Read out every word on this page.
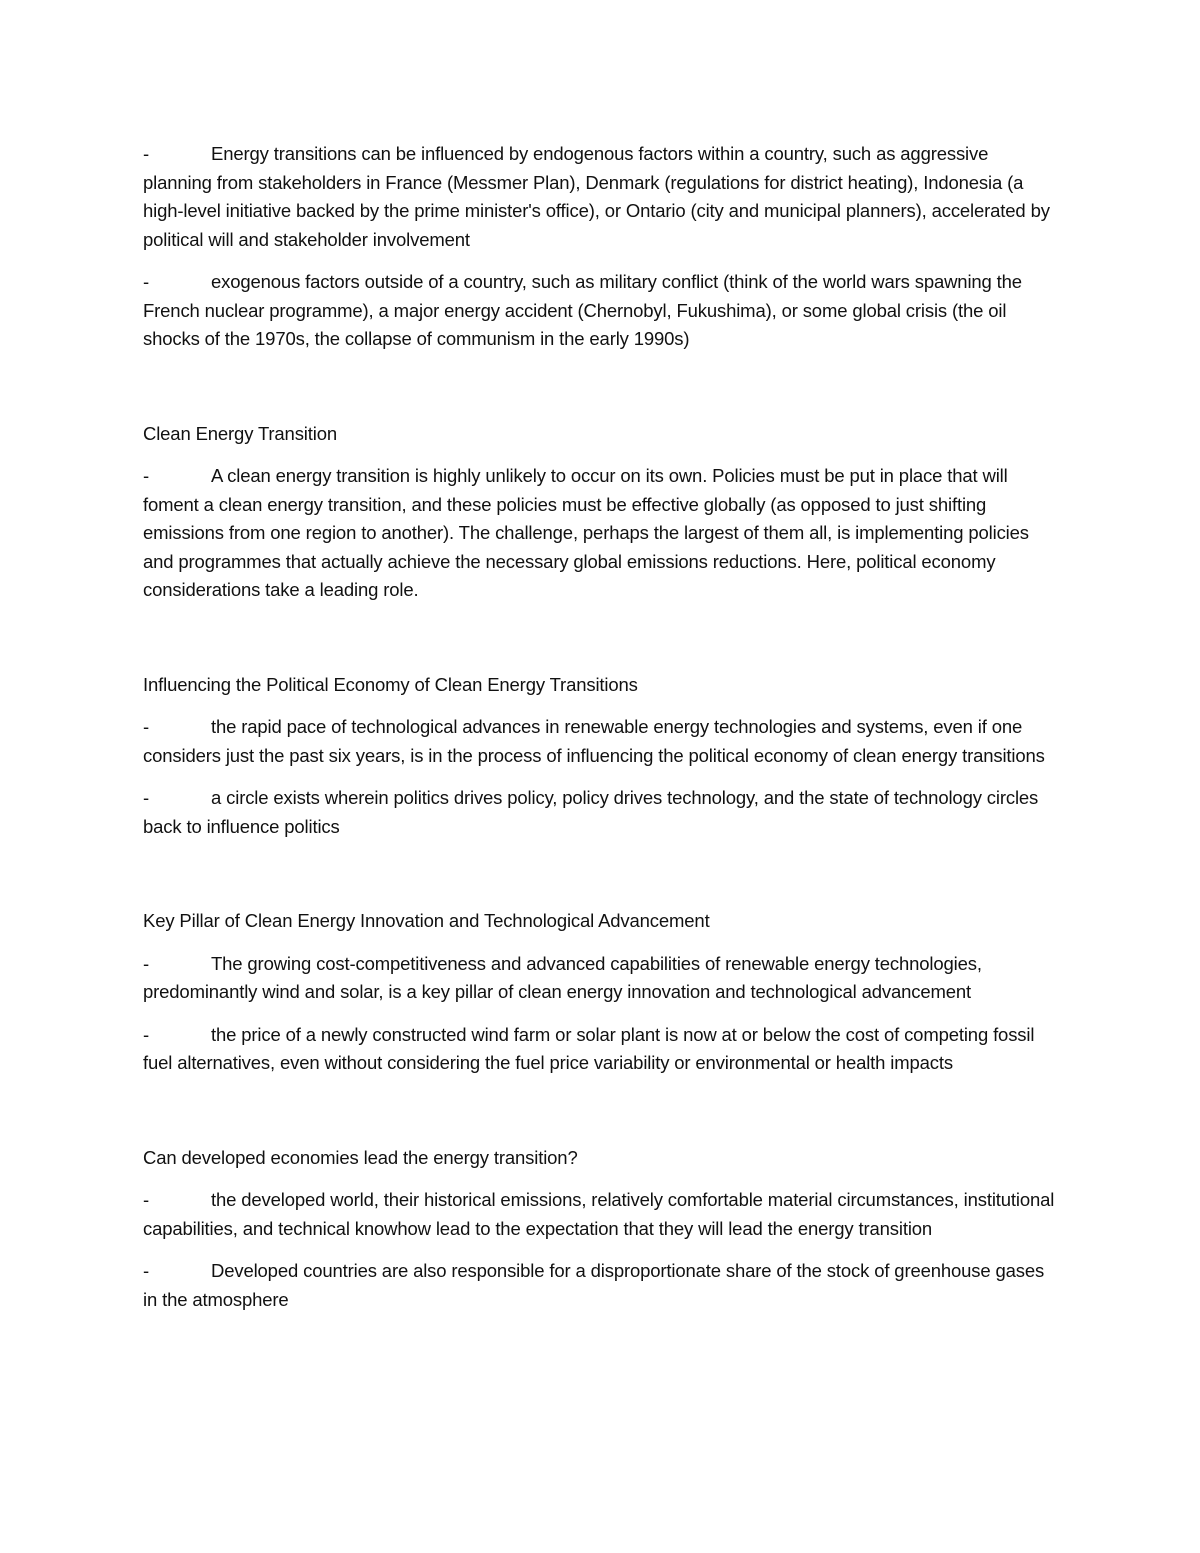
-	Energy transitions can be influenced by endogenous factors within a country, such as aggressive planning from stakeholders in France (Messmer Plan), Denmark (regulations for district heating), Indonesia (a high-level initiative backed by the prime minister's office), or Ontario (city and municipal planners), accelerated by political will and stakeholder involvement

-	exogenous factors outside of a country, such as military conflict (think of the world wars spawning the French nuclear programme), a major energy accident (Chernobyl, Fukushima), or some global crisis (the oil shocks of the 1970s, the collapse of communism in the early 1990s)

Clean Energy Transition

-	A clean energy transition is highly unlikely to occur on its own. Policies must be put in place that will foment a clean energy transition, and these policies must be effective globally (as opposed to just shifting emissions from one region to another). The challenge, perhaps the largest of them all, is implementing policies and programmes that actually achieve the necessary global emissions reductions. Here, political economy considerations take a leading role.

Influencing the Political Economy of Clean Energy Transitions

-	the rapid pace of technological advances in renewable energy technologies and systems, even if one considers just the past six years, is in the process of influencing the political economy of clean energy transitions

-	a circle exists wherein politics drives policy, policy drives technology, and the state of technology circles back to influence politics

Key Pillar of Clean Energy Innovation and Technological Advancement

-	The growing cost-competitiveness and advanced capabilities of renewable energy technologies, predominantly wind and solar, is a key pillar of clean energy innovation and technological advancement

-	the price of a newly constructed wind farm or solar plant is now at or below the cost of competing fossil fuel alternatives, even without considering the fuel price variability or environmental or health impacts

Can developed economies lead the energy transition?

-	the developed world, their historical emissions, relatively comfortable material circumstances, institutional capabilities, and technical knowhow lead to the expectation that they will lead the energy transition

-	Developed countries are also responsible for a disproportionate share of the stock of greenhouse gases in the atmosphere
